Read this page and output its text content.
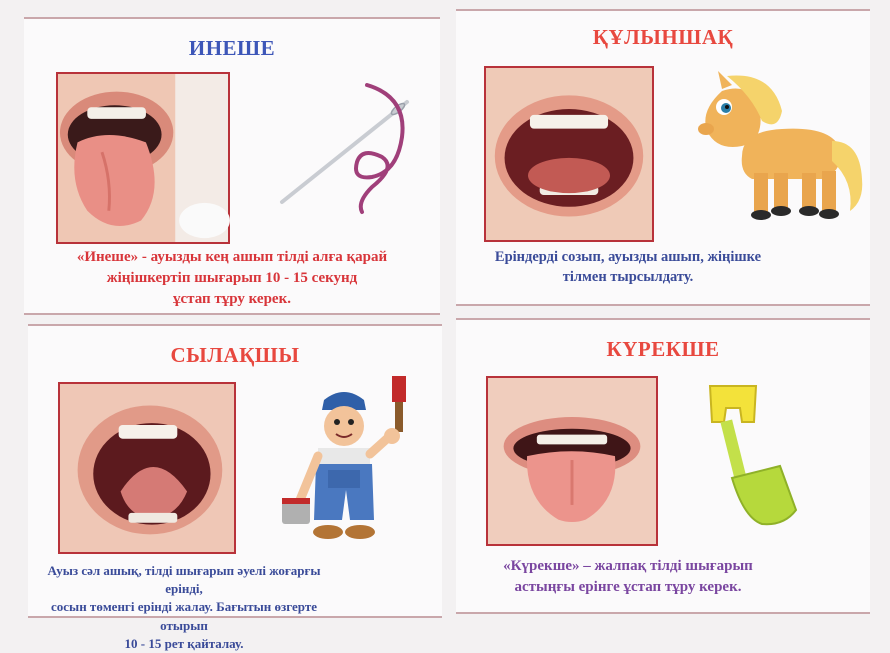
ИНЕШЕ
«Инеше» - ауызды кең ашып тілді алға қарай
жіңішкертіп шығарып 10 - 15 секунд
ұстап тұру керек.
ҚҰЛЫНШАҚ
Еріндерді созып, ауызды ашып, жіңішке
тілмен тырсылдату.
СЫЛАҚШЫ
Ауыз сәл ашық, тілді шығарып әуелі жоғарғы ерінді,
сосын төменгі ерінді жалау. Бағытын өзгерте отырып
10 - 15 рет қайталау.
КҮРЕКШЕ
«Күрекше» – жалпақ тілді шығарып
астыңғы ерінге ұстап тұру керек.
